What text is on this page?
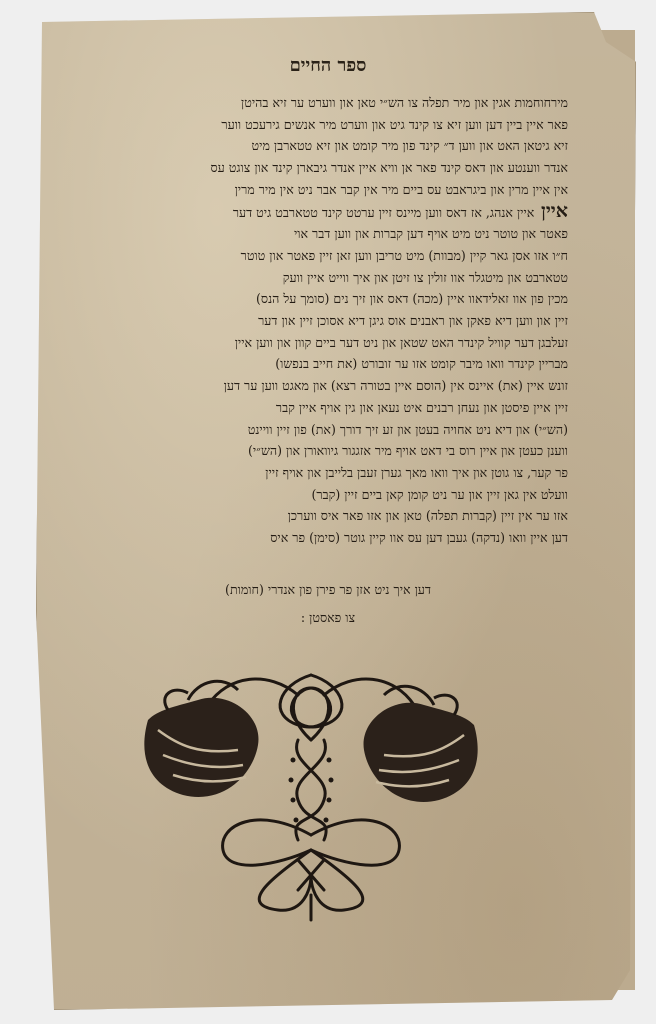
ספר החיים
מירחוחמות אגין און מיר תפלה צו הש״י טאן און ווערט ער זיא בהיטן
פאר איין ביין דען ווען זיא צו קינד גיט און ווערט מיר אנשים גירעכט ווער
זיא גיטאן האט און ווען ד״ קינד פון מיר קומט און זיא טטארבן מיט
אנדר ווענטע און דאס קינד פאר אן וויא איין אנדר גיבארן קינד און צוגט עס
אין איין מרין און ביגראבט עס ביים מיר אין קבר אבר ניט אין מיר מרין
איין איין אנהג, אז דאס ווען מיינס זיין ערטט קינד טטארבט גיט דער
פאטר און טוטר ניט מיט אויף דען קברות און ווען דבר אוי
ח״ו אזו אסן גאר קיין (מבוות) מיט טריבן ווען זאן זיין פאטר און טוטר
טטארבט און מיטגלר אוו זולין צו זיטן און איך ווייט איין וועק
מכין פון אוו זאלידאוו איין (מכה) דאס און זיך נים (סומך על הנס)
זיין און ווען דיא פאקן און ראבנים אוס גיגן דיא אסוכן זיין און דער
זעלבגן דער קוויל קינדר האט שטאן און ניט דער ביים קוון און ווען איין
מבריין קינדר וואו מיבר קומט אזו ער זובורט (את חייב בנפשו)
זונש איין (את) איינס אין (הוסם איין בטורה רצא) און מאגט ווען ער דען
זיין איין פיסטן און נעחן רבנים איט נעאן און גין אויף איין קבר
(הש״י) און דיא ניט אחויה בעטן און זע זיך דורך (את) פון זיין וויינט
ווענן כעטן און איין רוס בי דאט אויף מיר אזגגור גיוואורן און (הש״י)
פר קער, צו גוטן און איך וואו מאך גערן זעבן בלייבן און אויף זיין
וועלט אין גאן זיין און ער ניט קומן קאן ביים זיין (קבר)
אזו ער אין זיין (קברות תפלה) טאן און אזו פאר איס ווערכן
דען איין וואו (נדקה) געבן דען עס אוו קיין גוטר (סימן) פר איס
דען איך ניט אזן פר פירן פון אנדרי (חומות)
צו פאסטן :
